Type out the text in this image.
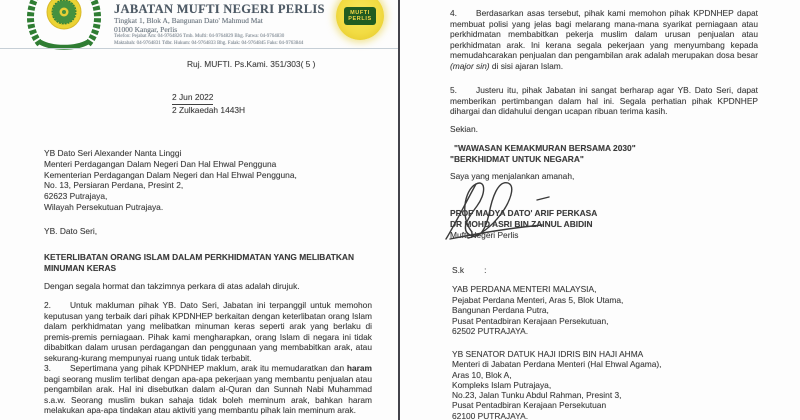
JABATAN MUFTI NEGERI PERLIS
Tingkat 1, Blok A, Bangunan Dato' Mahmud Mat
01000 Kangar, Perlis
Telefon: Pejabat Am: 04-9764826 Tmb. Mufti: 04-9764829 Bhg. Fatwa: 04-9764830
Maktabah: 04-9764831 Tdbr. Hukum: 04-9764833 Bhg. Falak: 04-9764845 Faks: 04-9763844
MUFTI
PERLIS
Ruj. MUFTI. Ps.Kami. 351/303( 5 )
2 Jun 2022
2 Zulkaedah 1443H
YB Dato Seri Alexander Nanta Linggi
Menteri Perdagangan Dalam Negeri Dan Hal Ehwal Pengguna
Kementerian Perdagangan Dalam Negeri dan Hal Ehwal Pengguna,
No. 13, Persiaran Perdana, Presint 2,
62623 Putrajaya,
Wilayah Persekutuan Putrajaya.
YB. Dato Seri,
KETERLIBATAN ORANG ISLAM DALAM PERKHIDMATAN YANG MELIBATKAN MINUMAN KERAS
Dengan segala hormat dan takzimnya perkara di atas adalah dirujuk.

2. Untuk makluman pihak YB. Dato Seri, Jabatan ini terpanggil untuk memohon keputusan yang terbaik dari pihak KPDNHEP berkaitan dengan keterlibatan orang Islam dalam perkhidmatan yang melibatkan minuman keras seperti arak yang berlaku di premis-premis perniagaan. Pihak kami mengharapkan, orang Islam di negara ini tidak dibabitkan dalam urusan perdagangan dan penggunaan yang membabitkan arak, atau sekurang-kurang mempunyai ruang untuk tidak terbabit.

3. Sepertimana yang pihak KPDNHEP maklum, arak itu memudaratkan dan haram bagi seorang muslim terlibat dengan apa-apa pekerjaan yang membantu penjualan atau pengambilan arak. Hal ini disebutkan dalam al-Quran dan Sunnah Nabi Muhammad s.a.w. Seorang muslim bukan sahaja tidak boleh meminum arak, bahkan haram melakukan apa-apa tindakan atau aktiviti yang membantu pihak lain meminum arak.

4. Berdasarkan asas tersebut, pihak kami memohon pihak KPDNHEP dapat membuat polisi yang jelas bagi melarang mana-mana syarikat perniagaan atau perkhidmatan membabitkan pekerja muslim dalam urusan penjualan atau perkhidmatan arak. Ini kerana segala pekerjaan yang menyumbang kepada memudahcarakan penjualan dan pengambilan arak adalah merupakan dosa besar (major sin) di sisi ajaran Islam.

5. Justeru itu, pihak Jabatan ini sangat berharap agar YB. Dato Seri, dapat memberikan pertimbangan dalam hal ini. Segala perhatian pihak KPDNHEP dihargai dan didahului dengan ucapan ribuan terima kasih.

Sekian.
"WAWASAN KEMAKMURAN BERSAMA 2030"
"BERKHIDMAT UNTUK NEGARA"
Saya yang menjalankan amanah,
PROF MADYA DATO' ARIF PERKASA
DR MOHD ASRI BIN ZAINUL ABIDIN
Mufti Negeri Perlis
S.k :
YAB PERDANA MENTERI MALAYSIA,
Pejabat Perdana Menteri, Aras 5, Blok Utama,
Bangunan Perdana Putra,
Pusat Pentadbiran Kerajaan Persekutuan,
62502 PUTRAJAYA.
YB SENATOR DATUK HAJI IDRIS BIN HAJI AHMA
Menteri di Jabatan Perdana Menteri (Hal Ehwal Agama),
Aras 10, Blok A,
Kompleks Islam Putrajaya,
No.23, Jalan Tunku Abdul Rahman, Presint 3,
Pusat Pentadbiran Kerajaan Persekutuan
62100 PUTRAJAYA.
